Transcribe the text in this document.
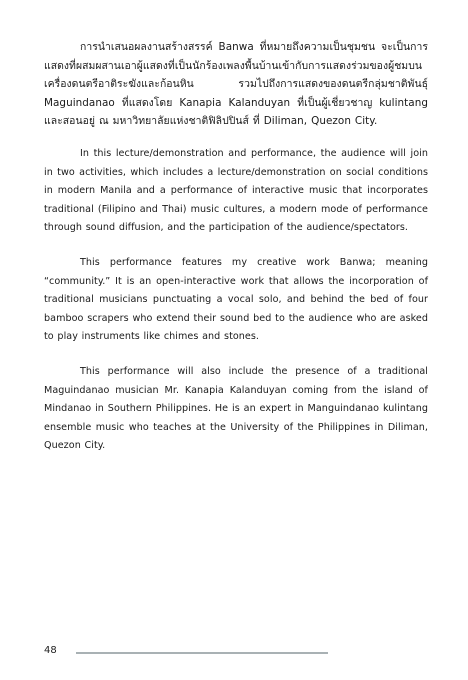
การนำเสนอผลงานสร้างสรรค์ Banwa ที่หมายถึงความเป็นชุมชน จะเป็นการแสดงที่ผสมผสานเอาผู้แสดงที่เป็นนักร้องเพลงพื้นบ้านเข้ากับการแสดงร่วมของผู้ชมบนเครื่องดนตรีอาติระฆังและก้อนหิน รวมไปถึงการแสดงของดนตรีกลุ่มชาติพันธุ์ Maguindanao ที่แสดงโดย Kanapia Kalanduyan ที่เป็นผู้เชี่ยวชาญ kulintang และสอนอยู่ ณ มหาวิทยาลัยแห่งชาติฟิลิปปินส์ ที่ Diliman, Quezon City.

In this lecture/demonstration and performance, the audience will join in two activities, which includes a lecture/demonstration on social conditions in modern Manila and a performance of interactive music that incorporates traditional (Filipino and Thai) music cultures, a modern mode of performance through sound diffusion, and the participation of the audience/spectators.

This performance features my creative work Banwa; meaning “community.” It is an open-interactive work that allows the incorporation of traditional musicians punctuating a vocal solo, and behind the bed of four bamboo scrapers who extend their sound bed to the audience who are asked to play instruments like chimes and stones.

This performance will also include the presence of a traditional Maguindanao musician Mr. Kanapia Kalanduyan coming from the island of Mindanao in Southern Philippines. He is an expert in Manguindanao kulintang ensemble music who teaches at the University of the Philippines in Diliman, Quezon City.

48
